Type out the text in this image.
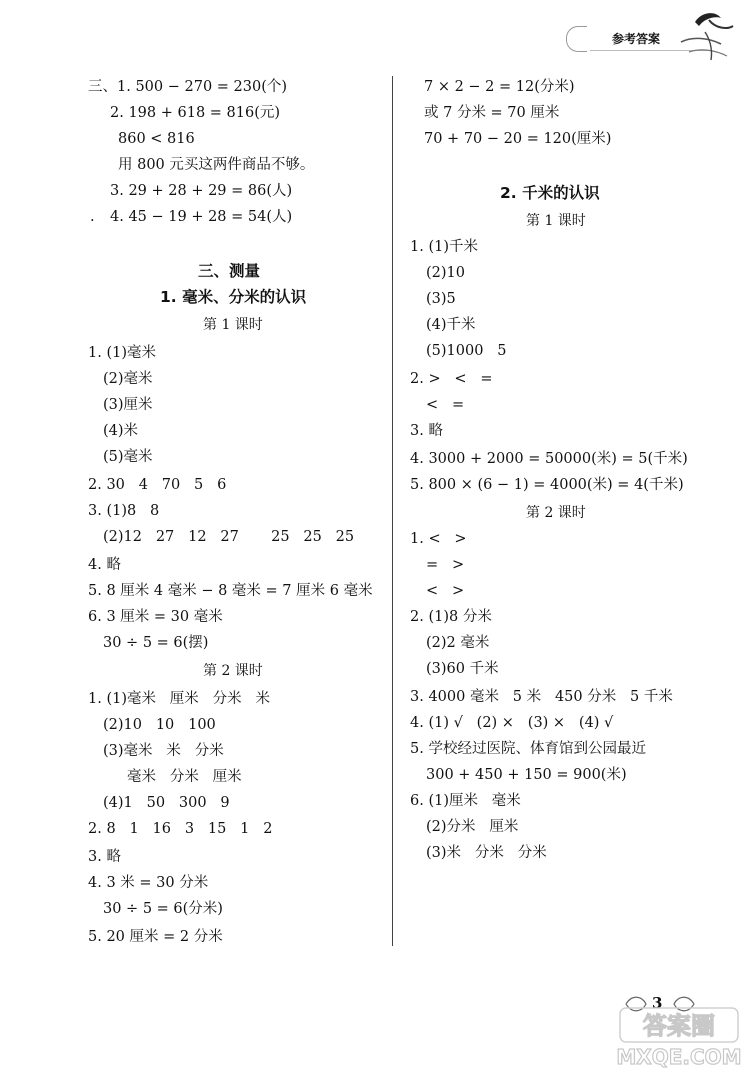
参考答案
三、1. 500 − 270 = 230(个)
2. 198 + 618 = 816(元)
860 < 816
用 800 元买这两件商品不够。
3. 29 + 28 + 29 = 86(人)
. 4. 45 − 19 + 28 = 54(人)
三、测量
1. 毫米、分米的认识
第 1 课时
1. (1)毫米
(2)毫米
(3)厘米
(4)米
(5)毫米
2. 30   4   70   5   6
3. (1)8   8
(2)12   27   12   27       25   25   25
4. 略
5. 8 厘米 4 毫米 − 8 毫米 = 7 厘米 6 毫米
6. 3 厘米 = 30 毫米
30 ÷ 5 = 6(摆)
第 2 课时
1. (1)毫米   厘米   分米   米
(2)10   10   100
(3)毫米   米   分米
毫米   分米   厘米
(4)1   50   300   9
2. 8   1   16   3   15   1   2
3. 略
4. 3 米 = 30 分米
30 ÷ 5 = 6(分米)
5. 20 厘米 = 2 分米
7 × 2 − 2 = 12(分米)
或 7 分米 = 70 厘米
70 + 70 − 20 = 120(厘米)
2. 千米的认识
第 1 课时
1. (1)千米
(2)10
(3)5
(4)千米
(5)1000   5
2. >   <   =
<   =
3. 略
4. 3000 + 2000 = 50000(米) = 5(千米)
5. 800 × (6 − 1) = 4000(米) = 4(千米)
第 2 课时
1. <   >
=   >
<   >
2. (1)8 分米
(2)2 毫米
(3)60 千米
3. 4000 毫米   5 米   450 分米   5 千米
4. (1) √   (2) ×   (3) ×   (4) √
5. 学校经过医院、体育馆到公园最近
300 + 450 + 150 = 900(米)
6. (1)厘米   毫米
(2)分米   厘米
(3)米   分米   分米
3
答案圈
MXQE.COM
